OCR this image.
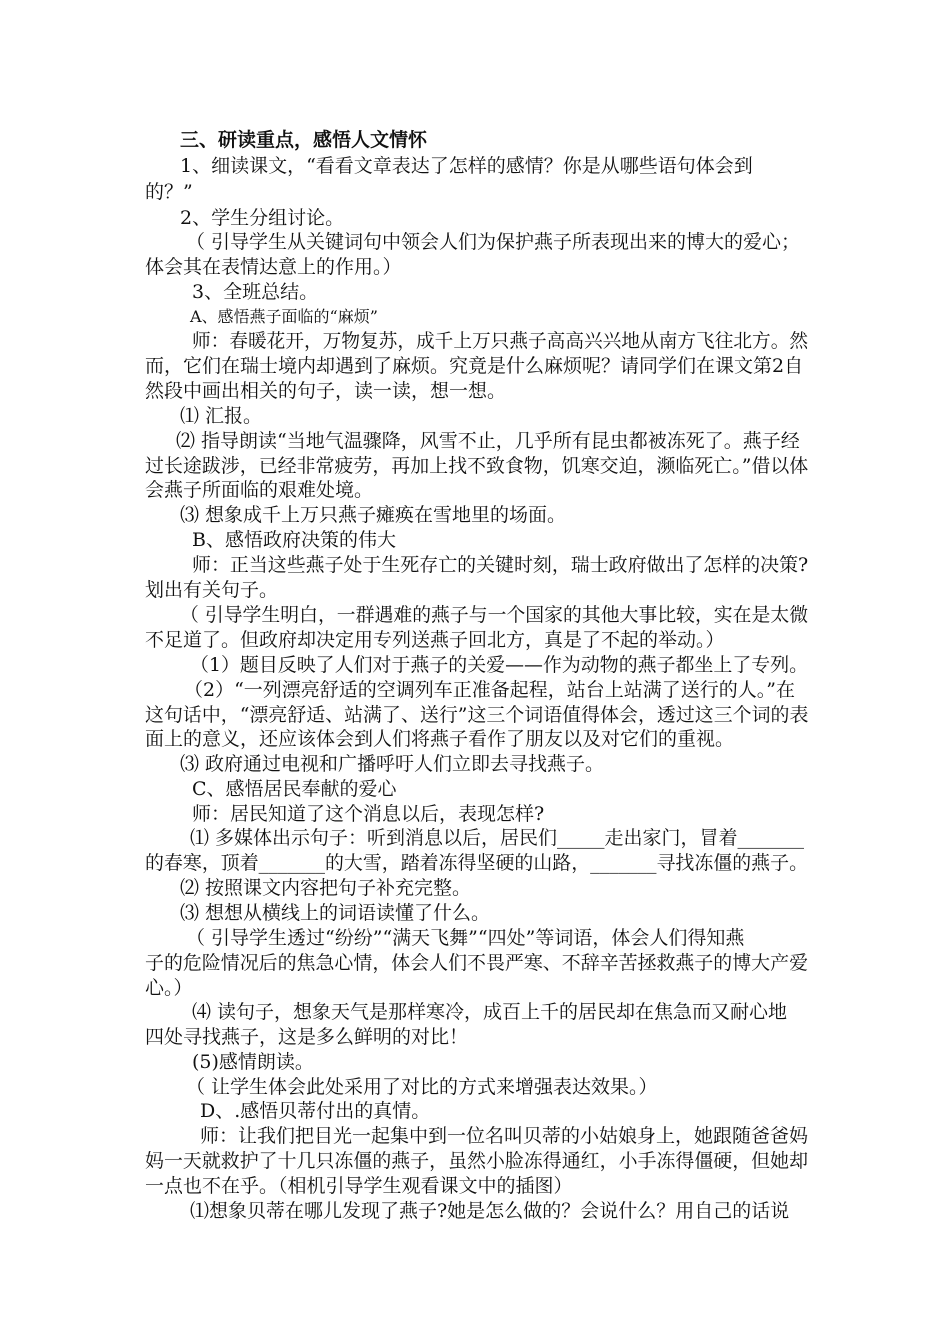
三、研读重点，感悟人文情怀
1、细读课文，“看看文章表达了怎样的感情？你是从哪些语句体会到
的？”
2、学生分组讨论。
（ 引导学生从关键词句中领会人们为保护燕子所表现出来的博大的爱心；
体会其在表情达意上的作用。）
3、全班总结。
A、感悟燕子面临的“麻烦”
师：春暖花开，万物复苏，成千上万只燕子高高兴兴地从南方飞往北方。然
而，它们在瑞士境内却遇到了麻烦。究竟是什么麻烦呢？请同学们在课文第2自
然段中画出相关的句子，读一读，想一想。
⑴ 汇报。
⑵ 指导朗读“当地气温骤降，风雪不止，几乎所有昆虫都被冻死了。燕子经
过长途跋涉，已经非常疲劳，再加上找不致食物，饥寒交迫，濒临死亡。”借以体
会燕子所面临的艰难处境。
⑶ 想象成千上万只燕子瘫痪在雪地里的场面。
B、感悟政府决策的伟大
师：正当这些燕子处于生死存亡的关键时刻，瑞士政府做出了怎样的决策?
划出有关句子。
（ 引导学生明白，一群遇难的燕子与一个国家的其他大事比较，实在是太微
不足道了。但政府却决定用专列送燕子回北方，真是了不起的举动。）
（1）题目反映了人们对于燕子的关爱——作为动物的燕子都坐上了专列。
（2）“一列漂亮舒适的空调列车正准备起程，站台上站满了送行的人。”在
这句话中，“漂亮舒适、站满了、送行”这三个词语值得体会，透过这三个词的表
面上的意义，还应该体会到人们将燕子看作了朋友以及对它们的重视。
⑶ 政府通过电视和广播呼吁人们立即去寻找燕子。
C、感悟居民奉献的爱心
师：居民知道了这个消息以后，表现怎样?
⑴ 多媒体出示句子：听到消息以后，居民们_____走出家门，冒着_______
的春寒，顶着_______的大雪，踏着冻得坚硬的山路，_______寻找冻僵的燕子。
⑵ 按照课文内容把句子补充完整。
⑶ 想想从横线上的词语读懂了什么。
（ 引导学生透过“纷纷”“满天飞舞”“四处”等词语，体会人们得知燕
子的危险情况后的焦急心情，体会人们不畏严寒、不辞辛苦拯救燕子的博大产爱
心。）
⑷ 读句子，想象天气是那样寒冷，成百上千的居民却在焦急而又耐心地
四处寻找燕子，这是多么鲜明的对比！
(5)感情朗读。
（ 让学生体会此处采用了对比的方式来增强表达效果。）
D、.感悟贝蒂付出的真情。
师：让我们把目光一起集中到一位名叫贝蒂的小姑娘身上，她跟随爸爸妈
妈一天就救护了十几只冻僵的燕子，虽然小脸冻得通红，小手冻得僵硬，但她却
一点也不在乎。（相机引导学生观看课文中的插图）
⑴想象贝蒂在哪儿发现了燕子?她是怎么做的？会说什么？用自己的话说
